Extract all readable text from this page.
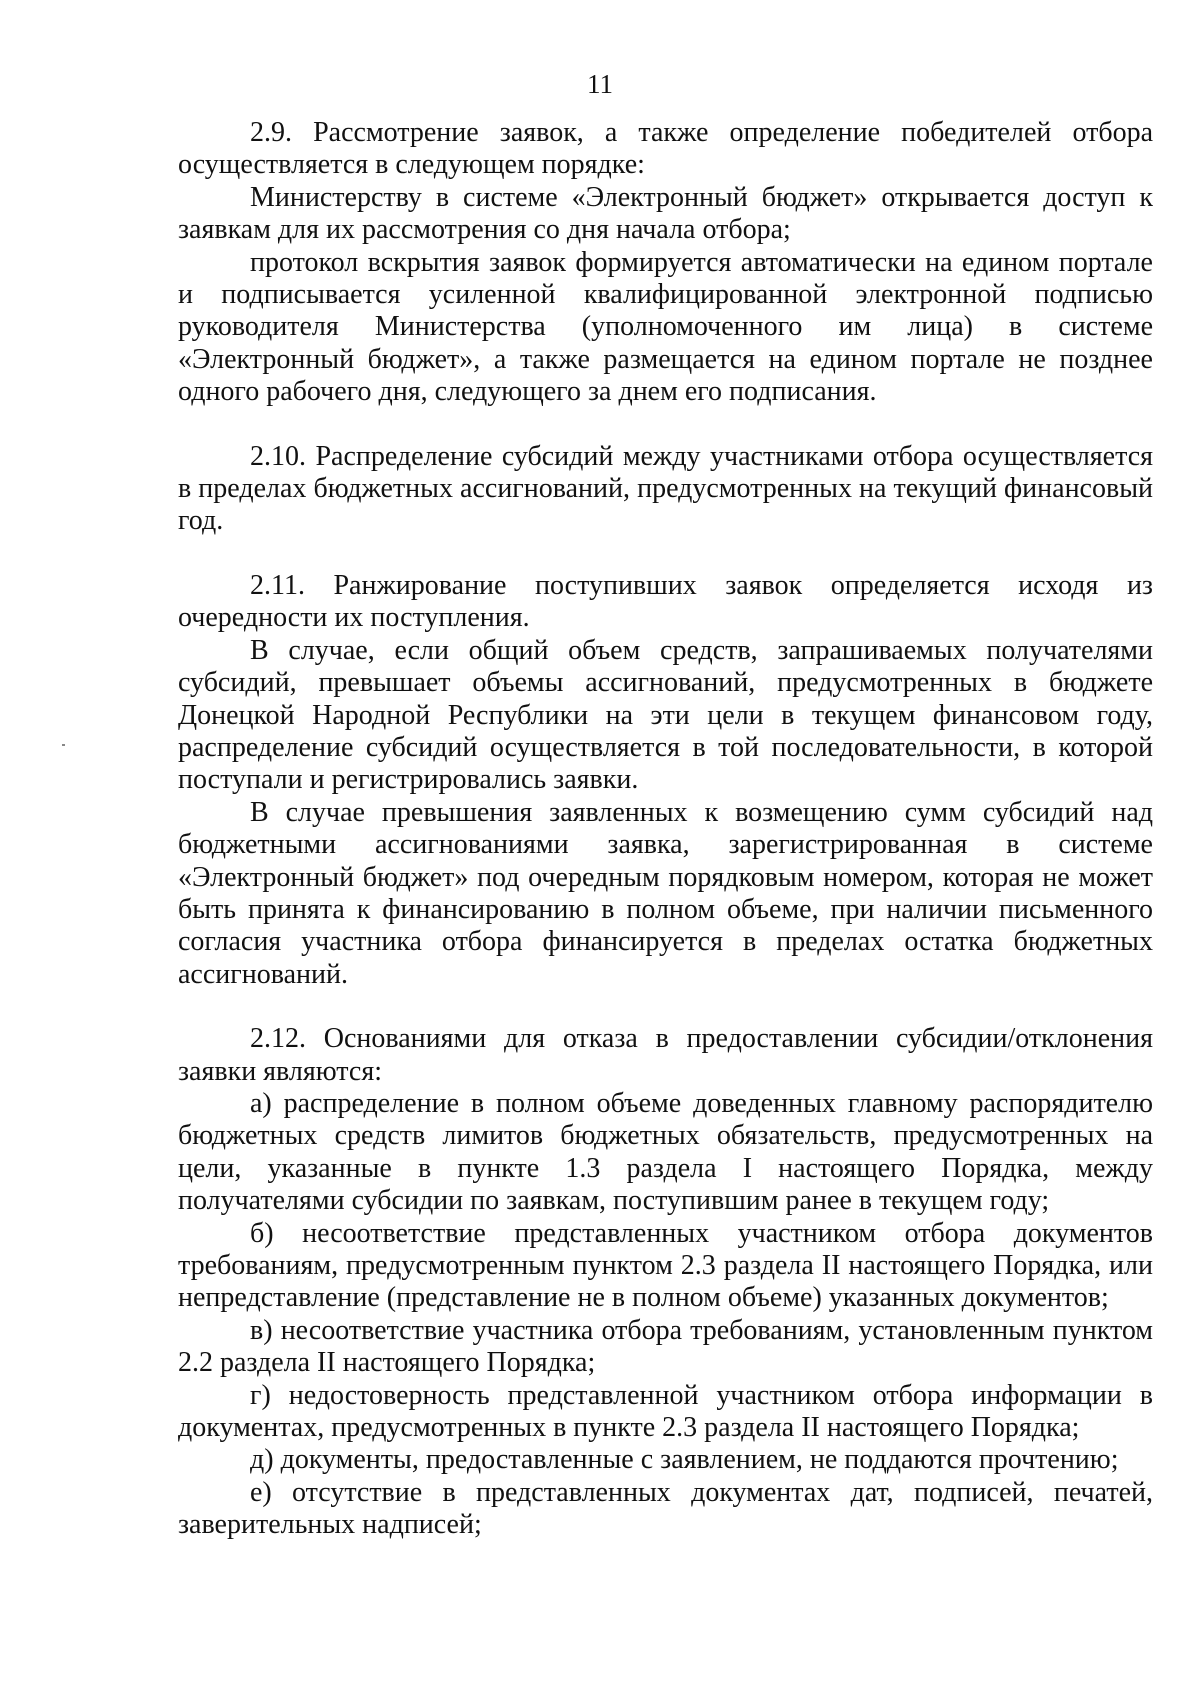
11

2.9. Рассмотрение заявок, а также определение победителей отбора осуществляется в следующем порядке:

Министерству в системе «Электронный бюджет» открывается доступ к заявкам для их рассмотрения со дня начала отбора;

протокол вскрытия заявок формируется автоматически на едином портале и подписывается усиленной квалифицированной электронной подписью руководителя Министерства (уполномоченного им лица) в системе «Электронный бюджет», а также размещается на едином портале не позднее одного рабочего дня, следующего за днем его подписания.

2.10. Распределение субсидий между участниками отбора осуществляется в пределах бюджетных ассигнований, предусмотренных на текущий финансовый год.

2.11. Ранжирование поступивших заявок определяется исходя из очередности их поступления.

В случае, если общий объем средств, запрашиваемых получателями субсидий, превышает объемы ассигнований, предусмотренных в бюджете Донецкой Народной Республики на эти цели в текущем финансовом году, распределение субсидий осуществляется в той последовательности, в которой поступали и регистрировались заявки.

В случае превышения заявленных к возмещению сумм субсидий над бюджетными ассигнованиями заявка, зарегистрированная в системе «Электронный бюджет» под очередным порядковым номером, которая не может быть принята к финансированию в полном объеме, при наличии письменного согласия участника отбора финансируется в пределах остатка бюджетных ассигнований.

2.12. Основаниями для отказа в предоставлении субсидии/отклонения заявки являются:

а) распределение в полном объеме доведенных главному распорядителю бюджетных средств лимитов бюджетных обязательств, предусмотренных на цели, указанные в пункте 1.3 раздела I настоящего Порядка, между получателями субсидии по заявкам, поступившим ранее в текущем году;

б) несоответствие представленных участником отбора документов требованиям, предусмотренным пунктом 2.3 раздела II настоящего Порядка, или непредставление (представление не в полном объеме) указанных документов;

в) несоответствие участника отбора требованиям, установленным пунктом 2.2 раздела II настоящего Порядка;

г) недостоверность представленной участником отбора информации в документах, предусмотренных в пункте 2.3 раздела II настоящего Порядка;

д) документы, предоставленные с заявлением, не поддаются прочтению;

е) отсутствие в представленных документах дат, подписей, печатей, заверительных надписей;
